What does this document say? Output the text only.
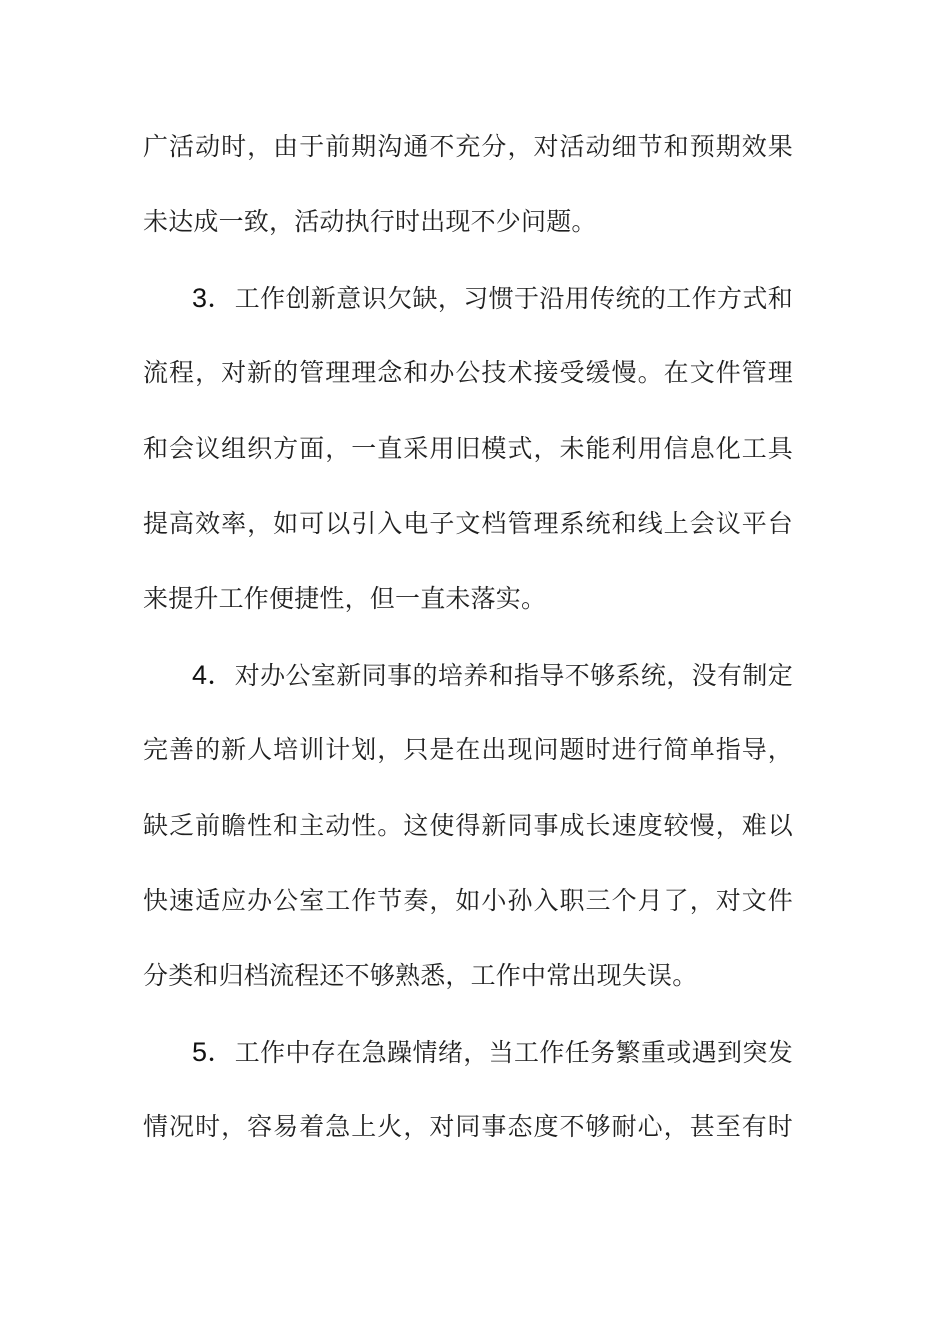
广活动时，由于前期沟通不充分，对活动细节和预期效果
未达成一致，活动执行时出现不少问题。
3．工作创新意识欠缺，习惯于沿用传统的工作方式和
流程，对新的管理理念和办公技术接受缓慢。在文件管理
和会议组织方面，一直采用旧模式，未能利用信息化工具
提高效率，如可以引入电子文档管理系统和线上会议平台
来提升工作便捷性，但一直未落实。
4．对办公室新同事的培养和指导不够系统，没有制定
完善的新人培训计划，只是在出现问题时进行简单指导，
缺乏前瞻性和主动性。这使得新同事成长速度较慢，难以
快速适应办公室工作节奏，如小孙入职三个月了，对文件
分类和归档流程还不够熟悉，工作中常出现失误。
5．工作中存在急躁情绪，当工作任务繁重或遇到突发
情况时，容易着急上火，对同事态度不够耐心，甚至有时
